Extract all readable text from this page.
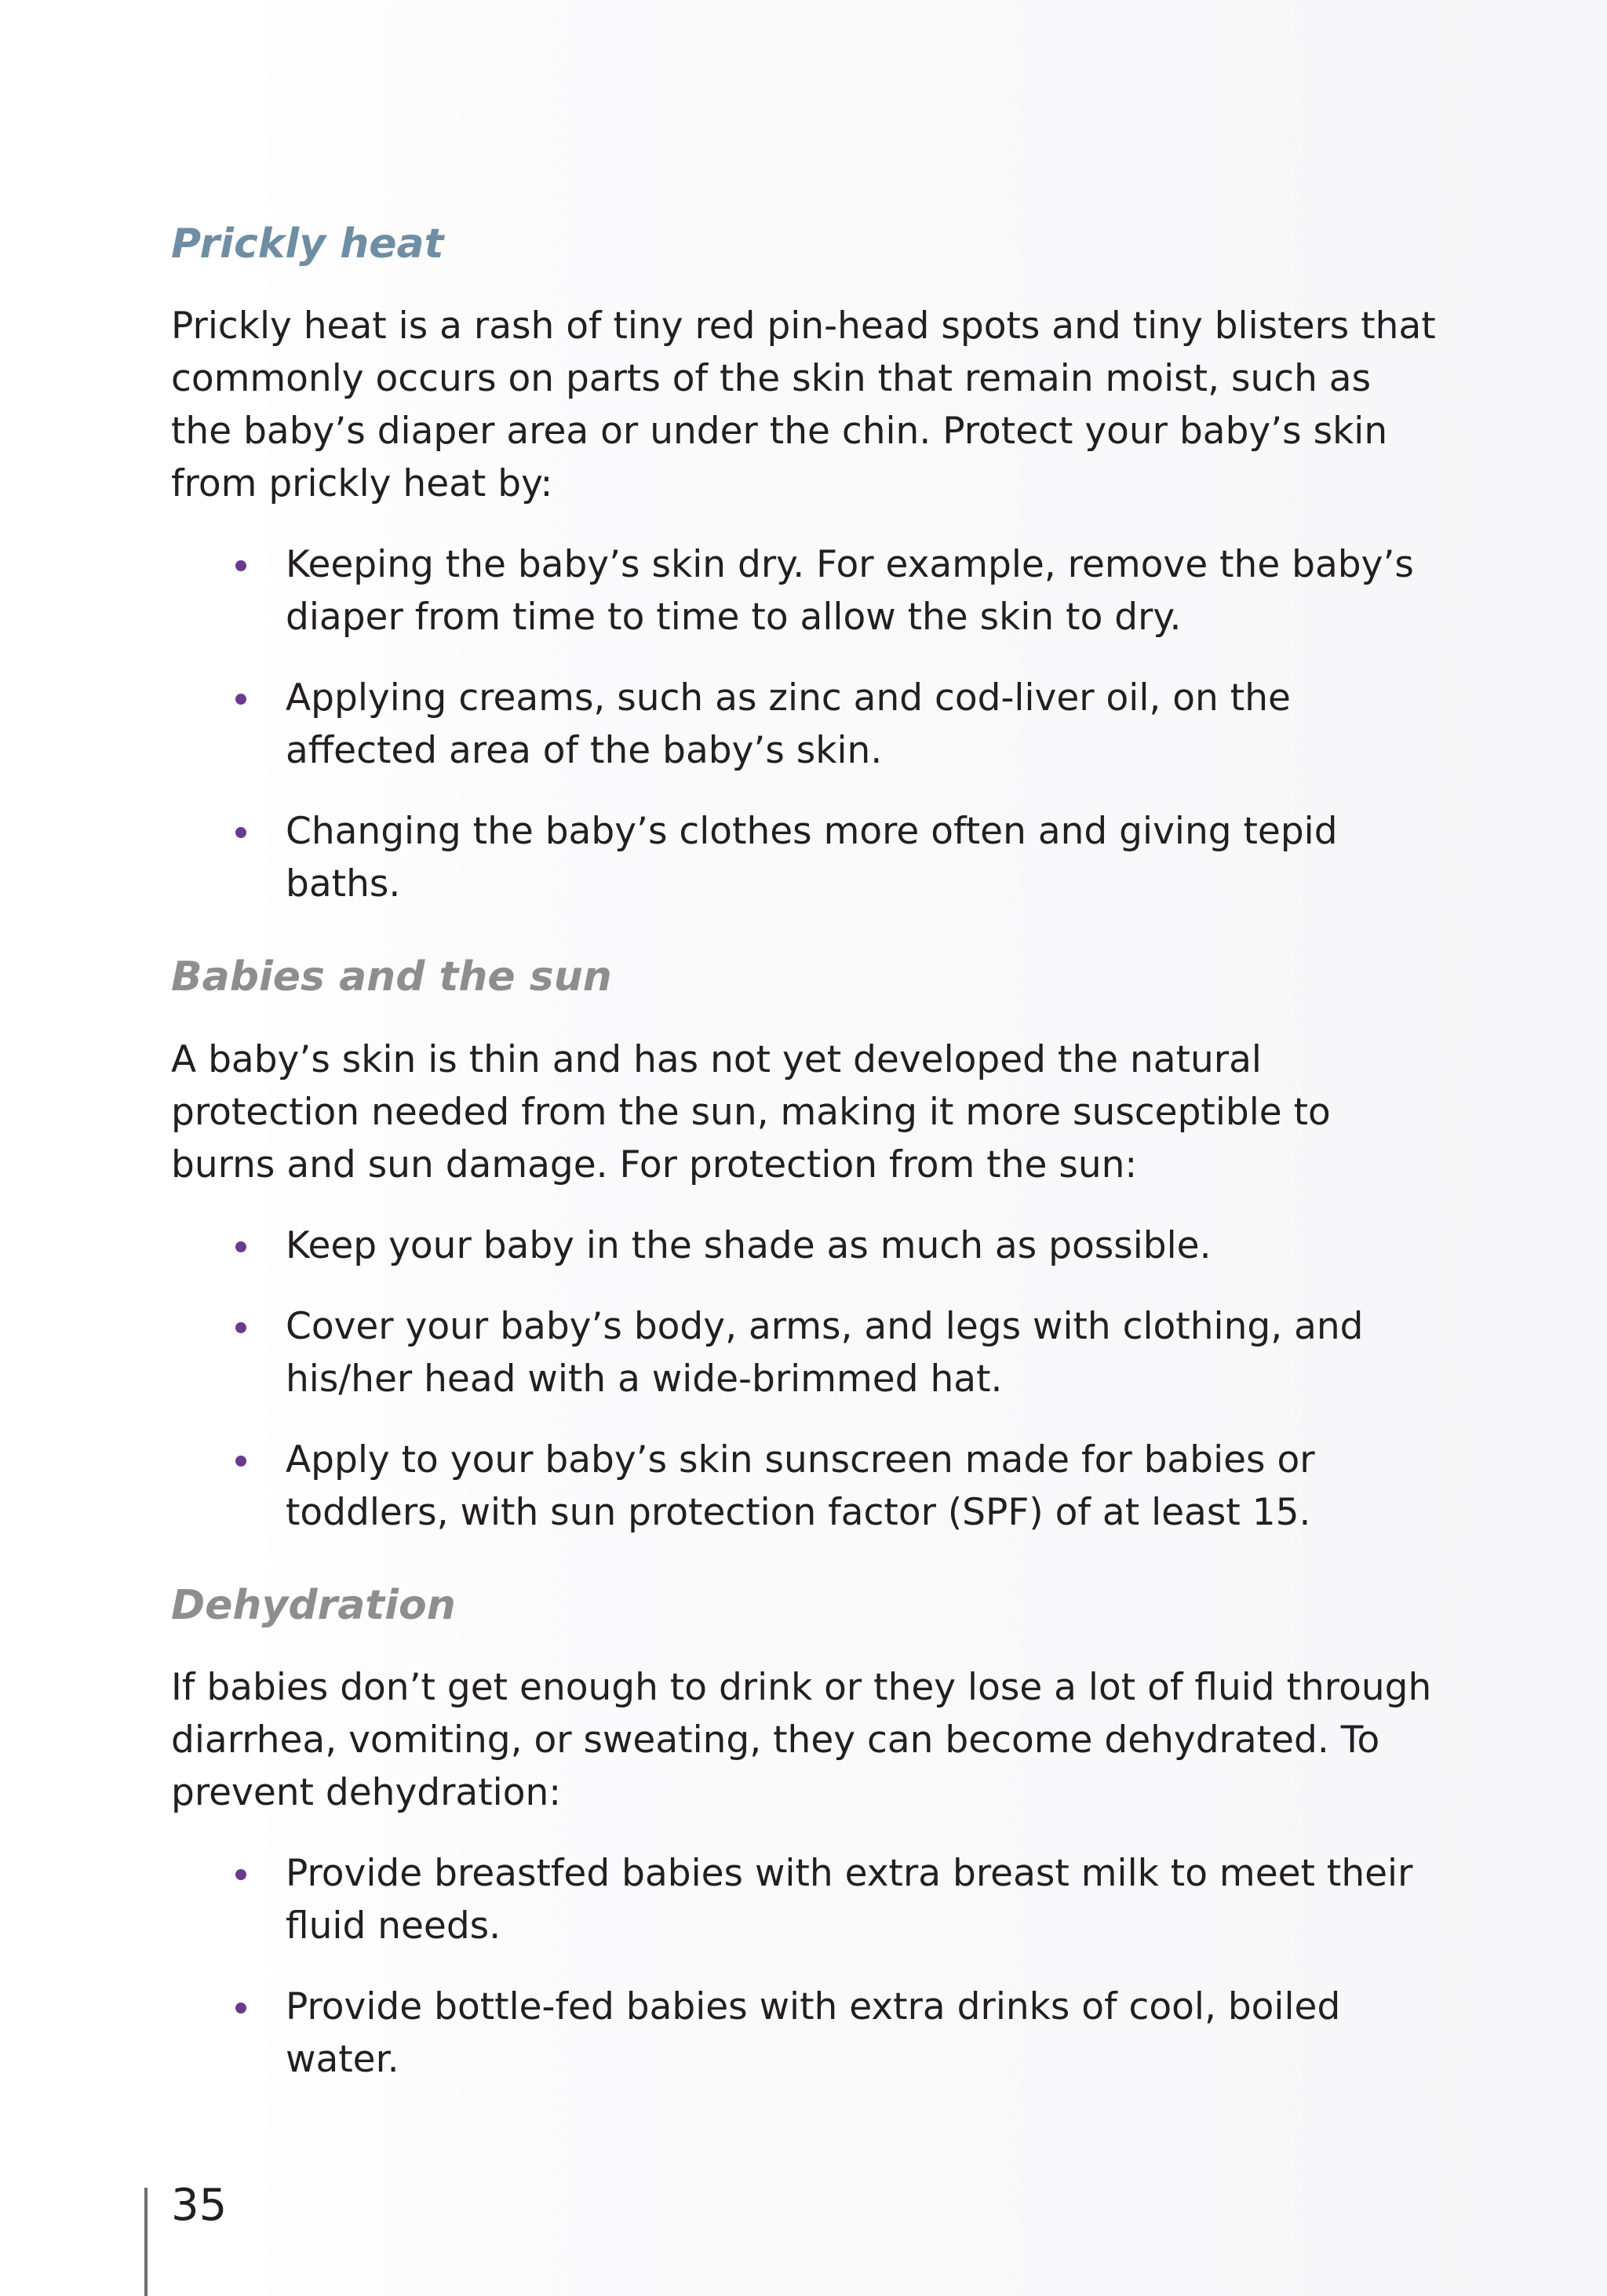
Prickly heat

Prickly heat is a rash of tiny red pin-head spots and tiny blisters that commonly occurs on parts of the skin that remain moist, such as the baby’s diaper area or under the chin. Protect your baby’s skin from prickly heat by:

Keeping the baby’s skin dry. For example, remove the baby’s diaper from time to time to allow the skin to dry.
Applying creams, such as zinc and cod-liver oil, on the affected area of the baby’s skin.
Changing the baby’s clothes more often and giving tepid baths.
Babies and the sun

A baby’s skin is thin and has not yet developed the natural protection needed from the sun, making it more susceptible to burns and sun damage. For protection from the sun:

Keep your baby in the shade as much as possible.
Cover your baby’s body, arms, and legs with clothing, and his/her head with a wide-brimmed hat.
Apply to your baby’s skin sunscreen made for babies or toddlers, with sun protection factor (SPF) of at least 15.
Dehydration

If babies don’t get enough to drink or they lose a lot of fluid through diarrhea, vomiting, or sweating, they can become dehydrated. To prevent dehydration:

Provide breastfed babies with extra breast milk to meet their fluid needs.
Provide bottle-fed babies with extra drinks of cool, boiled water.
35
